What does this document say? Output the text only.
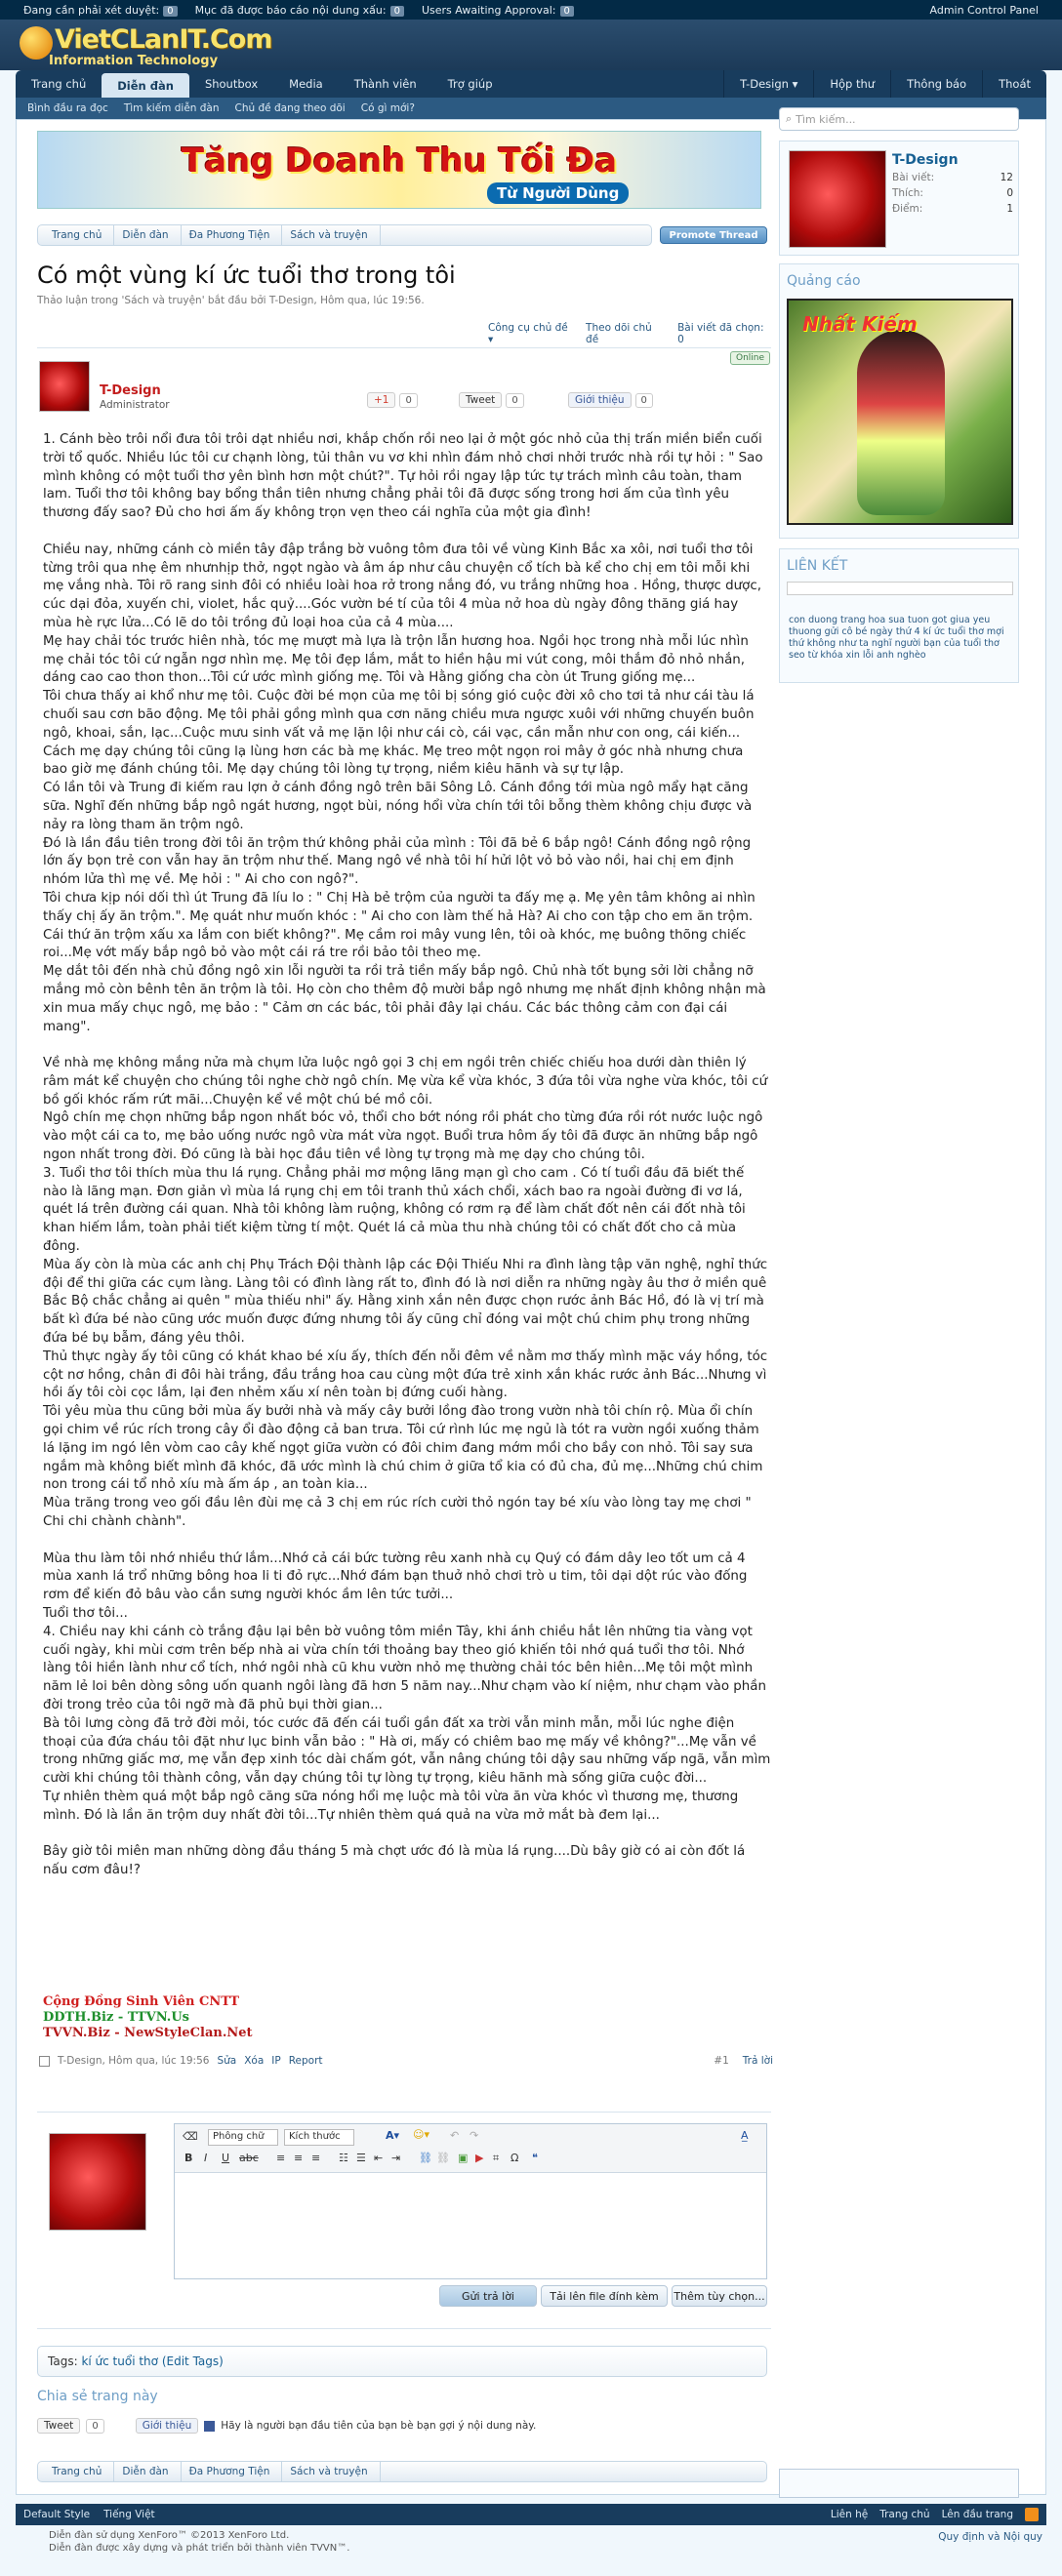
Đang cần phải xét duyệt: 0	Mục đã được báo cáo nội dung xấu: 0	Users Awaiting Approval: 0	Admin Control Panel
VietCLanIT.Com
Information Technology
Trang chủ	Diễn đàn	Shoutbox	Media	Thành viên	Trợ giúp	T-Design ▾	Hộp thư	Thông báo	Thoát
Bình đầu ra đọc Tìm kiếm diễn đàn Chủ đề đang theo dõi Có gì mới?
Tăng Doanh Thu Tối Đa
Từ Người Dùng
Trang chủ	Diễn đàn	Đa Phương Tiện	Sách và truyện	Promote Thread
Có một vùng kí ức tuổi thơ trong tôi
Thảo luận trong 'Sách và truyện' bắt đầu bởi T-Design, Hôm qua, lúc 19:56.
Công cụ chủ đề ▾
Theo dõi chủ đề
Bài viết đã chọn: 0
Online
T-Design
Administrator	+1	0	Tweet	0	Giới thiệu	0

1. Cánh bèo trôi nổi đưa tôi trôi dạt nhiều nơi, khắp chốn rồi neo lại ở một góc nhỏ của thị trấn miền biển cuối trời tổ quốc. Nhiều lúc tôi cư chạnh lòng, tủi thân vu vơ khi nhìn đám nhỏ chơi nhởi trước nhà rồi tự hỏi : " Sao mình không có một tuổi thơ yên bình hơn một chút?". Tự hỏi rồi ngay lập tức tự trách mình câu toàn, tham lam. Tuổi thơ tôi không bay bổng thần tiên nhưng chẳng phải tôi đã được sống trong hơi ấm của tình yêu thương đấy sao? Đủ cho hơi ấm ấy không trọn vẹn theo cái nghĩa của một gia đình!

Chiều nay, những cánh cò miền tây đập trắng bờ vuông tôm đưa tôi về vùng Kinh Bắc xa xôi, nơi tuổi thơ tôi từng trôi qua nhẹ êm nhưnhịp thở, ngọt ngào và âm áp như câu chuyện cổ tích bà kể cho chị em tôi mỗi khi mẹ vắng nhà. Tôi rõ rang sinh đôi có nhiều loài hoa rở trong nắng đó, vu trắng những hoa . Hồng, thược dược, cúc dại đỏa, xuyến chi, violet, hắc quỷ....Góc vườn bé tí của tôi 4 mùa nở hoa dù ngày đông thăng giá hay mùa hè rực lửa...Có lẽ do tôi trồng đủ loại hoa của cả 4 mùa....

Mẹ hay chải tóc trước hiên nhà, tóc mẹ mượt mà lựa là trộn lẫn hương hoa. Ngồi học trong nhà mỗi lúc nhìn mẹ chải tóc tôi cứ ngẫn ngơ nhìn mẹ. Mẹ tôi đẹp lắm, mắt to hiền hậu mi vút cong, môi thắm đỏ nhỏ nhắn, dáng cao cao thon thon...Tôi cứ ước mình giống mẹ. Tôi và Hằng giống cha còn út Trung giống mẹ...

Tôi chưa thấy ai khổ như mẹ tôi. Cuộc đời bé mọn của mẹ tôi bị sóng gió cuộc đời xô cho tơi tả như cái tàu lá chuối sau cơn bão động. Mẹ tôi phải gồng mình qua cơn năng chiều mưa ngược xuôi với những chuyến buôn ngô, khoai, sắn, lạc...Cuộc mưu sinh vất vả mẹ lặn lội như cái cò, cái vạc, cần mẫn như con ong, cái kiến...

Cách mẹ dạy chúng tôi cũng lạ lùng hơn các bà mẹ khác. Mẹ treo một ngọn roi mây ở góc nhà nhưng chưa bao giờ mẹ đánh chúng tôi. Mẹ dạy chúng tôi lòng tự trọng, niềm kiêu hãnh và sự tự lập.

Có lần tôi và Trung đi kiếm rau lợn ở cánh đồng ngô trên bãi Sông Lô. Cánh đồng tới mùa ngô mẩy hạt căng sữa. Nghĩ đến những bắp ngô ngát hương, ngọt bùi, nóng hổi vừa chín tới tôi bỗng thèm không chịu được và nảy ra lòng tham ăn trộm ngô.

Đó là lần đầu tiên trong đời tôi ăn trộm thứ không phải của mình : Tôi đã bẻ 6 bắp ngô! Cánh đồng ngô rộng lớn ấy bọn trẻ con vẫn hay ăn trộm như thế. Mang ngô về nhà tôi hí hửi lột vỏ bỏ vào nồi, hai chị em định nhóm lửa thì mẹ về. Mẹ hỏi : " Ai cho con ngô?".

Tôi chưa kịp nói dối thì út Trung đã líu lo : " Chị Hà bẻ trộm của người ta đấy mẹ ạ. Mẹ yên tâm không ai nhìn thấy chị ấy ăn trộm.". Mẹ quát như muốn khóc : " Ai cho con làm thế hả Hà? Ai cho con tập cho em ăn trộm. Cái thứ ăn trộm xấu xa lắm con biết không?". Mẹ cầm roi mây vung lên, tôi oà khóc, mẹ buông thõng chiếc roi...Mẹ vớt mấy bắp ngô bỏ vào một cái rá tre rồi bảo tôi theo mẹ.

Mẹ dắt tôi đến nhà chủ đồng ngô xin lỗi người ta rồi trả tiền mấy bắp ngô. Chủ nhà tốt bụng sởi lời chẳng nỡ mắng mỏ còn bênh tên ăn trộm là tôi. Họ còn cho thêm độ mười bắp ngô nhưng mẹ nhất định không nhận mà xin mua mấy chục ngô, mẹ bảo : " Cảm ơn các bác, tôi phải đây lại cháu. Các bác thông cảm con đại cái mang".

Về nhà mẹ không mắng nửa mà chụm lửa luộc ngô gọi 3 chị em ngồi trên chiếc chiếu hoa dưới dàn thiên lý râm mát kể chuyện cho chúng tôi nghe chờ ngô chín. Mẹ vừa kể vừa khóc, 3 đứa tôi vừa nghe vừa khóc, tôi cứ bồ gối khóc rấm rứt mãi...Chuyện kể về một chú bé mồ côi.

Ngô chín mẹ chọn những bắp ngon nhất bóc vỏ, thổi cho bớt nóng rồi phát cho từng đứa rồi rót nước luộc ngô vào một cái ca to, mẹ bảo uống nước ngô vừa mát vừa ngọt. Buổi trưa hôm ấy tôi đã được ăn những bắp ngô ngon nhất trong đời. Đó cũng là bài học đầu tiên về lòng tự trọng mà mẹ dạy cho chúng tôi.

3. Tuổi thơ tôi thích mùa thu lá rụng. Chẳng phải mơ mộng lãng mạn gì cho cam . Có tí tuổi đầu đã biết thế nào là lãng mạn. Đơn giản vì mùa lá rụng chị em tôi tranh thủ xách chổi, xách bao ra ngoài đường đi vơ lá, quét lá trên đường cái quan. Nhà tôi không làm ruộng, không có rơm rạ để làm chất đốt nên cái đốt nhà tôi khan hiếm lắm, toàn phải tiết kiệm từng tí một. Quét lá cả mùa thu nhà chúng tôi có chất đốt cho cả mùa đông.

Mùa ấy còn là mùa các anh chị Phụ Trách Đội thành lập các Đội Thiếu Nhi ra đình làng tập văn nghệ, nghỉ thức đội để thi giữa các cụm làng. Làng tôi có đình làng rất to, đình đó là nơi diễn ra những ngày âu thơ ở miền quê Bắc Bộ chắc chẳng ai quên " mùa thiếu nhi" ấy. Hằng xinh xắn nên được chọn rước ảnh Bác Hồ, đó là vị trí mà bất kì đứa bé nào cũng ước muốn được đứng nhưng tôi ấy cũng chỉ đóng vai một chú chim phụ trong những đứa bé bụ bẫm, đáng yêu thôi.

Thủ thực ngày ấy tôi cũng có khát khao bé xíu ấy, thích đến nỗi đêm về nằm mơ thấy mình mặc váy hồng, tóc cột nơ hồng, chân đi đôi hài trắng, đầu trắng hoa cau cùng một đứa trẻ xinh xắn khác rước ảnh Bác...Nhưng vì hồi ấy tôi còi cọc lắm, lại đen nhẻm xấu xí nên toàn bị đứng cuối hàng.

Tôi yêu mùa thu cũng bởi mùa ấy bưởi nhà và mấy cây bưởi lồng đào trong vườn nhà tôi chín rộ. Mùa ổi chín gọi chim về rúc rích trong cây ổi đào động cả ban trưa. Tôi cứ rình lúc mẹ ngủ là tót ra vườn ngồi xuống thảm lá lặng im ngó lên vòm cao cây khế ngọt giữa vườn có đôi chim đang mớm mồi cho bầy con nhỏ. Tôi say sưa ngắm mà không biết mình đã khóc, đã ước mình là chú chim ở giữa tổ kia có đủ cha, đủ mẹ...Những chú chim non trong cái tổ nhỏ xíu mà ấm áp , an toàn kia...

Mùa trăng trong veo gối đầu lên đùi mẹ cả 3 chị em rúc rích cười thỏ ngón tay bé xíu vào lòng tay mẹ chơi " Chi chi chành chành".

Mùa thu làm tôi nhớ nhiều thứ lắm...Nhớ cả cái bức tường rêu xanh nhà cụ Quý có đám dây leo tốt um cả 4 mùa xanh lá trổ những bông hoa li ti đỏ rực...Nhớ đám bạn thuở nhỏ chơi trò u tim, tôi dại dột rúc vào đống rơm để kiến đỏ bâu vào cắn sưng người khóc ầm lên tức tưởi...

Tuổi thơ tôi...

4. Chiều nay khi cánh cò trắng đậu lại bên bờ vuông tôm miền Tây, khi ánh chiều hắt lên những tia vàng vọt cuối ngày, khi mùi cơm trên bếp nhà ai vừa chín tới thoảng bay theo gió khiến tôi nhớ quá tuổi thơ tôi. Nhớ làng tôi hiền lành như cổ tích, nhớ ngôi nhà cũ khu vườn nhỏ mẹ thường chải tóc bên hiên...Mẹ tôi một mình năm lẻ loi bên dòng sông uốn quanh ngôi làng đã hơn 5 năm nay...Như chạm vào kí niệm, như chạm vào phần đời trong trẻo của tôi ngỡ mà đã phủ bụi thời gian...

Bà tôi lưng còng đã trở đời mỏi, tóc cước đã đến cái tuổi gần đất xa trời vẫn minh mẫn, mỗi lúc nghe điện thoại của đứa cháu tôi đặt như lục binh vẫn bảo : " Hà ơi, mấy có chiêm bao mẹ mấy về không?"...Mẹ vẫn về trong những giấc mơ, mẹ vẫn đẹp xinh tóc dài chấm gót, vẫn nâng chúng tôi dậy sau những vấp ngã, vẫn mìm cười khi chúng tôi thành công, vẫn dạy chúng tôi tự lòng tự trọng, kiêu hãnh mà sống giữa cuộc đời...

Tự nhiên thèm quá một bắp ngô căng sữa nóng hổi mẹ luộc mà tôi vừa ăn vừa khóc vì thương mẹ, thương mình. Đó là lần ăn trộm duy nhất đời tôi...Tự nhiên thèm quá quả na vừa mở mắt bà đem lại...

Bây giờ tôi miên man những dòng đầu tháng 5 mà chợt ước đó là mùa lá rụng....Dù bây giờ có ai còn đốt lá nấu cơm đâu!?

Cộng Đồng Sinh Viên CNTT
DDTH.Biz - TTVN.Us
TVVN.Biz - NewStyleClan.Net
T-Design, Hôm qua, lúc 19:56 Sửa Xóa IP Report	#1 Trả lời
⌫	Phông chữ	Kích thước	A▾ ☺▾ ↶ ↷	A̲
B I U abc ≡ ≡ ≡ ☷ ☰ ⇤ ⇥ ⛓ ⛓ ▣ ▶ ⌗ Ω ❝
Gửi trả lời	Tải lên file đính kèm	Thêm tùy chọn...
Tags:
kí ức tuổi thơ
(Edit Tags)
Chia sẻ trang này
Tweet	0	Giới thiệu	Hãy là người bạn đầu tiên của bạn bè bạn gợi ý nội dung này.
Trang chủ	Diễn đàn	Đa Phương Tiện	Sách và truyện
⌕ Tìm kiếm...
T-Design
Bài viết:	12
Thích:	0
Điểm:	1
Quảng cáo
Nhất Kiếm
LIÊN KẾT
con duong trang hoa sua tuon got giua yeu thuong gửi cô bé ngày thứ 4 kí ức tuổi thơ mợi thứ không như ta nghĩ người bạn của tuổi thơ seo từ khóa xin lỗi anh nghèo
Default Style Tiếng Việt	Liên hệ Trang chủ Lên đầu trang
Diễn đàn sử dụng XenForo™ ©2013 XenForo Ltd.
Diễn đàn được xây dựng và phát triển bởi thành viên TVVN™.
Quy định và Nội quy
